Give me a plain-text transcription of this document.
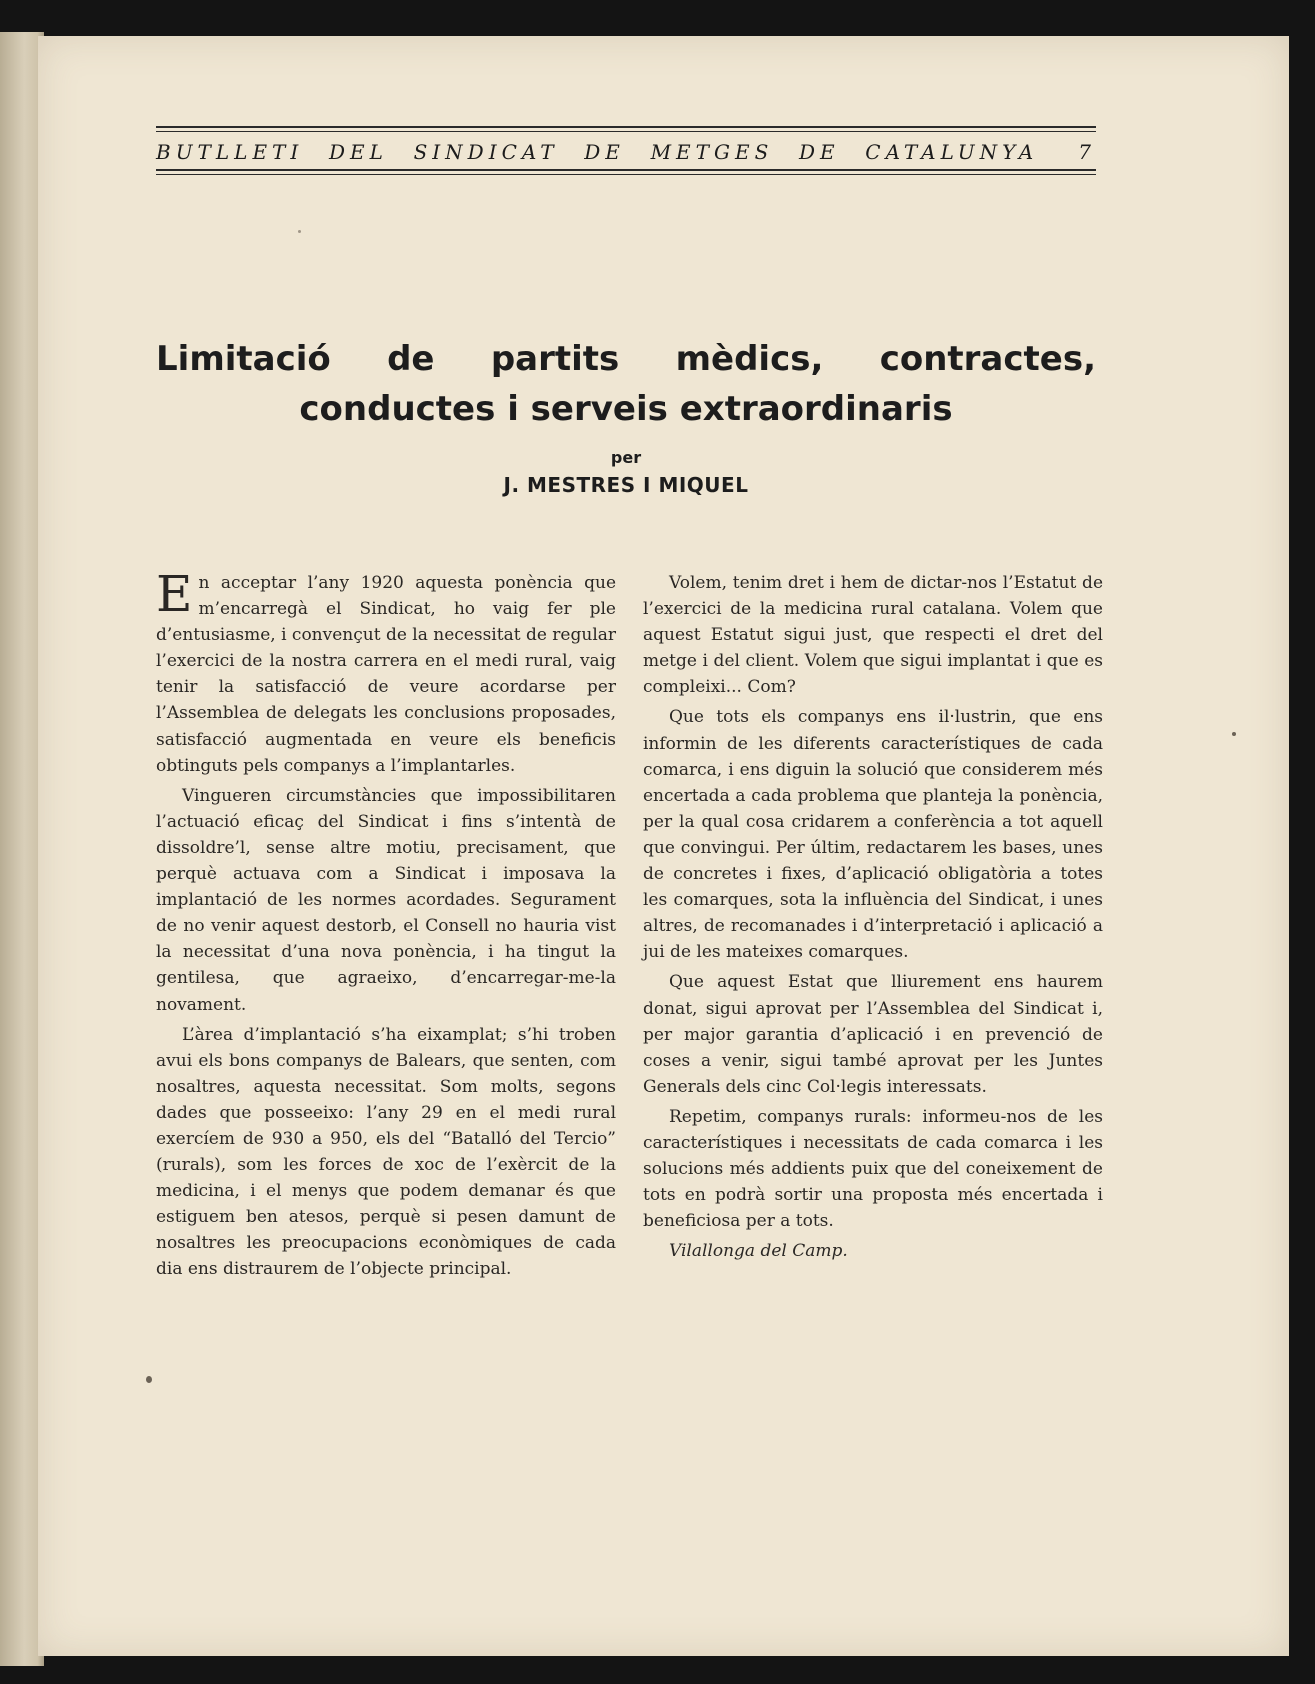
BUTLLETI DEL SINDICAT DE METGES DE CATALUNYA 7
Limitació de partits mèdics, contractes, conductes i serveis extraordinaris
per
J. MESTRES I MIQUEL

En acceptar l’any 1920 aquesta ponència que m’encarregà el Sindicat, ho vaig fer ple d’entusiasme, i convençut de la necessitat de regular l’exercici de la nostra carrera en el medi rural, vaig tenir la satisfacció de veure acordarse per l’Assemblea de delegats les conclusions proposades, satisfacció augmentada en veure els beneficis obtinguts pels companys a l’implantarles.

Vingueren circumstàncies que impossibilitaren l’actuació eficaç del Sindicat i fins s’intentà de dissoldre’l, sense altre motiu, precisament, que perquè actuava com a Sindicat i imposava la implantació de les normes acordades. Segurament de no venir aquest destorb, el Consell no hauria vist la necessitat d’una nova ponència, i ha tingut la gentilesa, que agraeixo, d’encarregar-me-la novament.

L’àrea d’implantació s’ha eixamplat; s’hi troben avui els bons companys de Balears, que senten, com nosaltres, aquesta necessitat. Som molts, segons dades que posseeixo: l’any 29 en el medi rural exercíem de 930 a 950, els del “Batalló del Tercio” (rurals), som les forces de xoc de l’exèrcit de la medicina, i el menys que podem demanar és que estiguem ben atesos, perquè si pesen damunt de nosaltres les preocupacions econòmiques de cada dia ens distraurem de l’objecte principal.

Volem, tenim dret i hem de dictar-nos l’Estatut de l’exercici de la medicina rural catalana. Volem que aquest Estatut sigui just, que respecti el dret del metge i del client. Volem que sigui implantat i que es compleixi... Com?

Que tots els companys ens il·lustrin, que ens informin de les diferents característiques de cada comarca, i ens diguin la solució que considerem més encertada a cada problema que planteja la ponència, per la qual cosa cridarem a conferència a tot aquell que convingui. Per últim, redactarem les bases, unes de concretes i fixes, d’aplicació obligatòria a totes les comarques, sota la influència del Sindicat, i unes altres, de recomanades i d’interpretació i aplicació a jui de les mateixes comarques.

Que aquest Estat que lliurement ens haurem donat, sigui aprovat per l’Assemblea del Sindicat i, per major garantia d’aplicació i en prevenció de coses a venir, sigui també aprovat per les Juntes Generals dels cinc Col·legis interessats.

Repetim, companys rurals: informeu-nos de les característiques i necessitats de cada comarca i les solucions més addients puix que del coneixement de tots en podrà sortir una proposta més encertada i beneficiosa per a tots.

Vilallonga del Camp.
